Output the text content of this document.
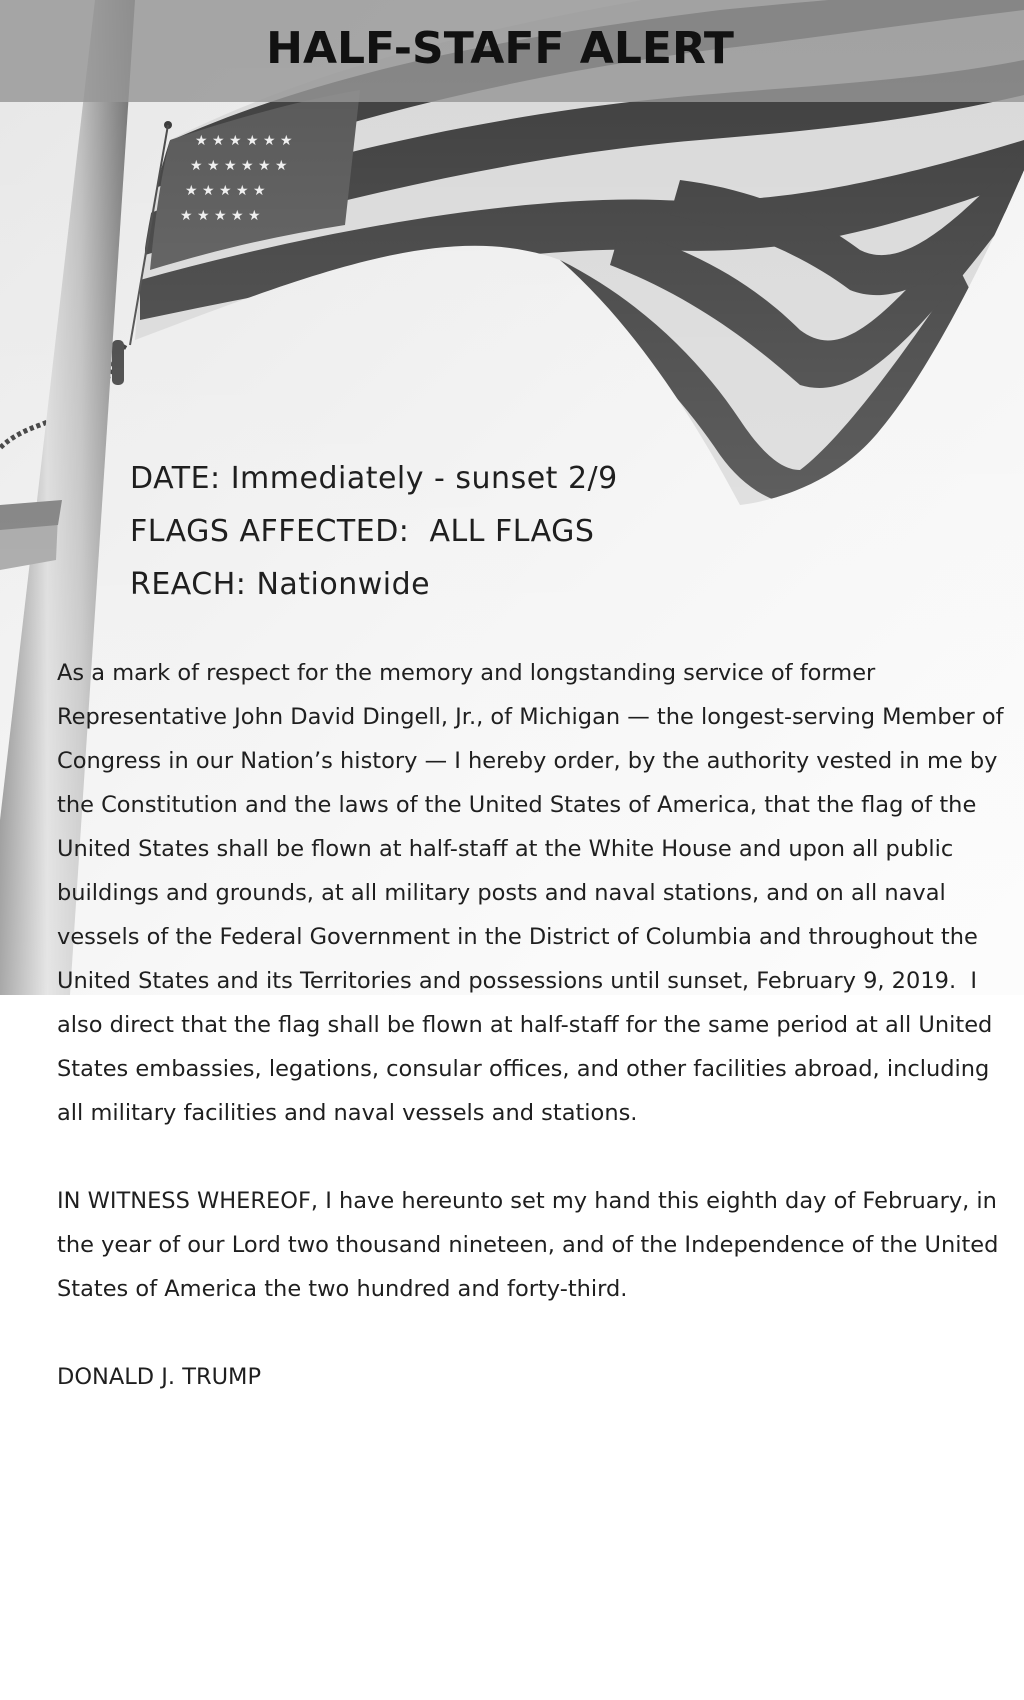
HALF-STAFF ALERT
DATE: Immediately - sunset 2/9
FLAGS AFFECTED:  ALL FLAGS
REACH: Nationwide

As a mark of respect for the memory and longstanding service of former Representative John David Dingell, Jr., of Michigan — the longest-serving Member of Congress in our Nation’s history — I hereby order, by the authority vested in me by the Constitution and the laws of the United States of America, that the flag of the United States shall be flown at half-staff at the White House and upon all public buildings and grounds, at all military posts and naval stations, and on all naval vessels of the Federal Government in the District of Columbia and throughout the United States and its Territories and possessions until sunset, February 9, 2019.  I also direct that the flag shall be flown at half-staff for the same period at all United States embassies, legations, consular offices, and other facilities abroad, including all military facilities and naval vessels and stations.

IN WITNESS WHEREOF, I have hereunto set my hand this eighth day of February, in the year of our Lord two thousand nineteen, and of the Independence of the United States of America the two hundred and forty-third.

DONALD J. TRUMP
